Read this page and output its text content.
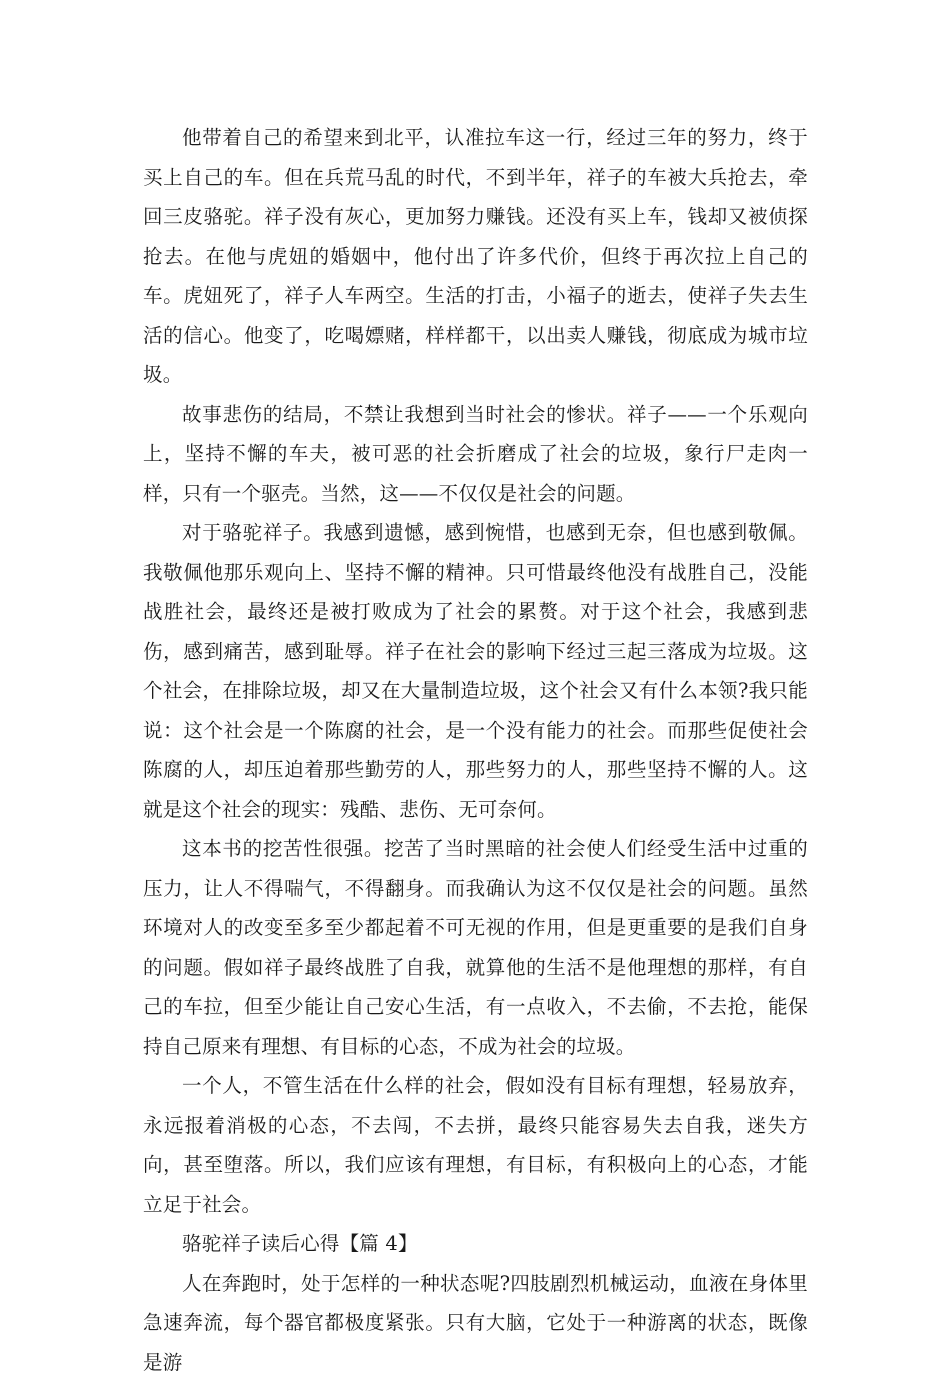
他带着自己的希望来到北平，认准拉车这一行，经过三年的努力，终于买上自己的车。但在兵荒马乱的时代，不到半年，祥子的车被大兵抢去，牵回三皮骆驼。祥子没有灰心，更加努力赚钱。还没有买上车，钱却又被侦探抢去。在他与虎妞的婚姻中，他付出了许多代价，但终于再次拉上自己的车。虎妞死了，祥子人车两空。生活的打击，小福子的逝去，使祥子失去生活的信心。他变了，吃喝嫖赌，样样都干，以出卖人赚钱，彻底成为城市垃圾。

故事悲伤的结局，不禁让我想到当时社会的惨状。祥子——一个乐观向上，坚持不懈的车夫，被可恶的社会折磨成了社会的垃圾，象行尸走肉一样，只有一个驱壳。当然，这——不仅仅是社会的问题。

对于骆驼祥子。我感到遗憾，感到惋惜，也感到无奈，但也感到敬佩。我敬佩他那乐观向上、坚持不懈的精神。只可惜最终他没有战胜自己，没能战胜社会，最终还是被打败成为了社会的累赘。对于这个社会，我感到悲伤，感到痛苦，感到耻辱。祥子在社会的影响下经过三起三落成为垃圾。这个社会，在排除垃圾，却又在大量制造垃圾，这个社会又有什么本领?我只能说：这个社会是一个陈腐的社会，是一个没有能力的社会。而那些促使社会陈腐的人，却压迫着那些勤劳的人，那些努力的人，那些坚持不懈的人。这就是这个社会的现实：残酷、悲伤、无可奈何。

这本书的挖苦性很强。挖苦了当时黑暗的社会使人们经受生活中过重的压力，让人不得喘气，不得翻身。而我确认为这不仅仅是社会的问题。虽然环境对人的改变至多至少都起着不可无视的作用，但是更重要的是我们自身的问题。假如祥子最终战胜了自我，就算他的生活不是他理想的那样，有自己的车拉，但至少能让自己安心生活，有一点收入，不去偷，不去抢，能保持自己原来有理想、有目标的心态，不成为社会的垃圾。

一个人，不管生活在什么样的社会，假如没有目标有理想，轻易放弃，永远报着消极的心态，不去闯，不去拼，最终只能容易失去自我，迷失方向，甚至堕落。所以，我们应该有理想，有目标，有积极向上的心态，才能立足于社会。

骆驼祥子读后心得【篇 4】

人在奔跑时，处于怎样的一种状态呢?四肢剧烈机械运动，血液在身体里急速奔流，每个器官都极度紧张。只有大脑，它处于一种游离的状态，既像是游
